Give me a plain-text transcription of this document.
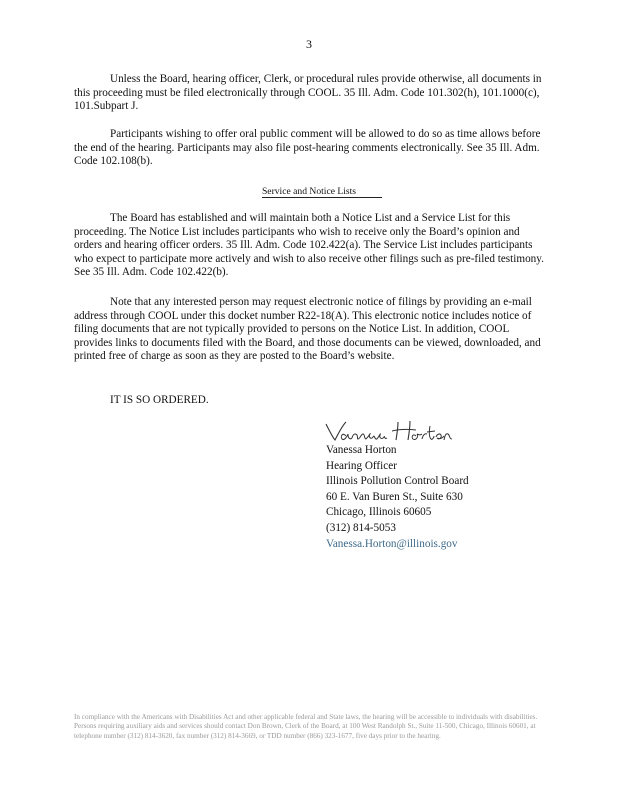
3

Unless the Board, hearing officer, Clerk, or procedural rules provide otherwise, all documents in this proceeding must be filed electronically through COOL. 35 Ill. Adm. Code 101.302(h), 101.1000(c), 101.Subpart J.

Participants wishing to offer oral public comment will be allowed to do so as time allows before the end of the hearing. Participants may also file post-hearing comments electronically. See 35 Ill. Adm. Code 102.108(b).

Service and Notice Lists

The Board has established and will maintain both a Notice List and a Service List for this proceeding. The Notice List includes participants who wish to receive only the Board’s opinion and orders and hearing officer orders. 35 Ill. Adm. Code 102.422(a). The Service List includes participants who expect to participate more actively and wish to also receive other filings such as pre-filed testimony. See 35 Ill. Adm. Code 102.422(b).

Note that any interested person may request electronic notice of filings by providing an e-mail address through COOL under this docket number R22-18(A). This electronic notice includes notice of filing documents that are not typically provided to persons on the Notice List. In addition, COOL provides links to documents filed with the Board, and those documents can be viewed, downloaded, and printed free of charge as soon as they are posted to the Board’s website.

IT IS SO ORDERED.

Vanessa Horton
Hearing Officer
Illinois Pollution Control Board
60 E. Van Buren St., Suite 630
Chicago, Illinois 60605
(312) 814-5053
Vanessa.Horton@illinois.gov

In compliance with the Americans with Disabilities Act and other applicable federal and State laws, the hearing will be accessible to individuals with disabilities. Persons requiring auxiliary aids and services should contact Don Brown, Clerk of the Board, at 100 West Randolph St., Suite 11-500, Chicago, Illinois 60601, at telephone number (312) 814-3620, fax number (312) 814-3669, or TDD number (866) 323-1677, five days prior to the hearing.
